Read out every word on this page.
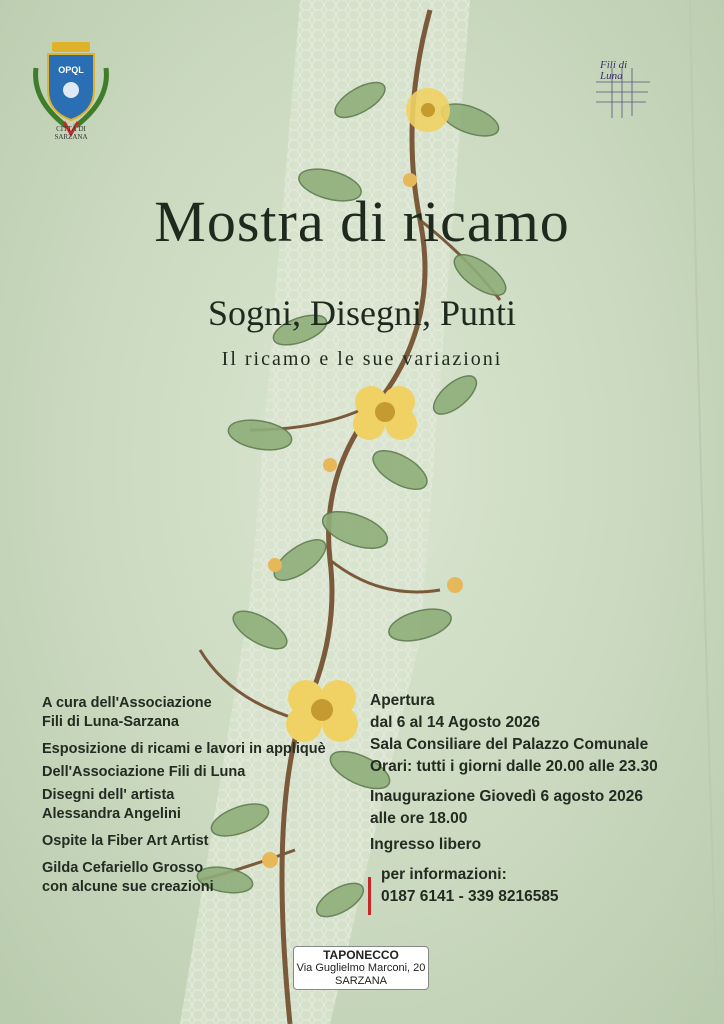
OPQL
CITTÀ DI
SARZANA
Fili di
Luna
Mostra di ricamo
Sogni, Disegni, Punti
Il ricamo e le sue variazioni
A cura dell'Associazione
Fili di Luna-Sarzana
Esposizione di ricami e lavori in appliquè
Dell'Associazione Fili di Luna
Disegni dell' artista
Alessandra Angelini
Ospite la Fiber Art Artist
Gilda Cefariello Grosso
con alcune sue creazioni
Apertura
dal 6 al 14 Agosto 2026
Sala Consiliare del Palazzo Comunale
Orari: tutti i giorni dalle 20.00 alle 23.30
Inaugurazione Giovedì 6 agosto 2026
alle ore 18.00
Ingresso libero
per informazioni:
0187 6141 - 339 8216585
TAPONECCO
Via Guglielmo Marconi, 20
SARZANA
